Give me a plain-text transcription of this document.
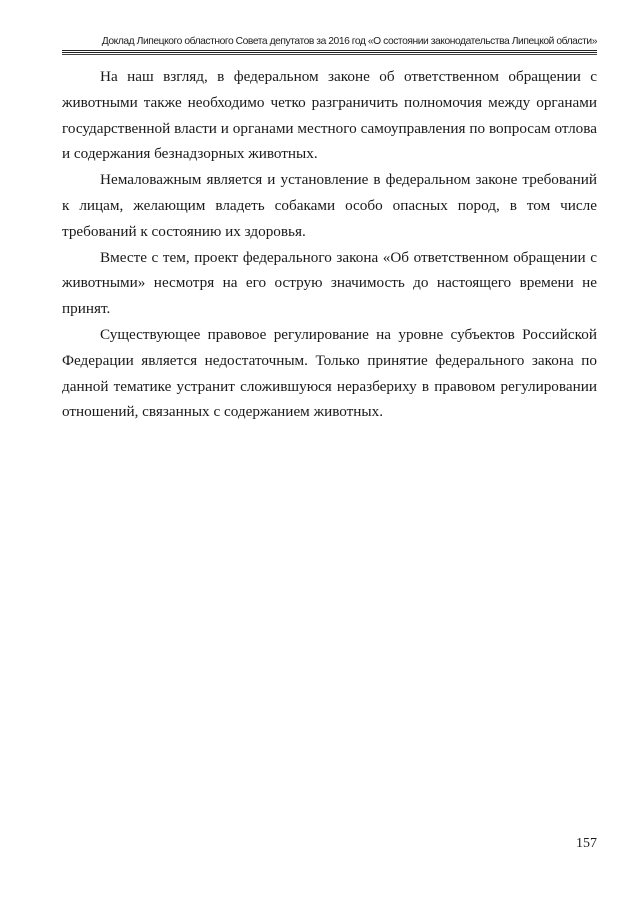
Доклад Липецкого областного Совета депутатов за 2016 год «О состоянии законодательства Липецкой области»

На наш взгляд, в федеральном законе об ответственном обращении с животными также необходимо четко разграничить полномочия между органами государственной власти и органами местного самоуправления по вопросам отлова и содержания безнадзорных животных.

Немаловажным является и установление в федеральном законе требований к лицам, желающим владеть собаками особо опасных пород, в том числе требований к состоянию их здоровья.

Вместе с тем, проект федерального закона «Об ответственном обращении с животными» несмотря на его острую значимость до настоящего времени не принят.

Существующее правовое регулирование на уровне субъектов Российской Федерации является недостаточным. Только принятие федерального закона по данной тематике устранит сложившуюся неразбериху в правовом регулировании отношений, связанных с содержанием животных.

157
